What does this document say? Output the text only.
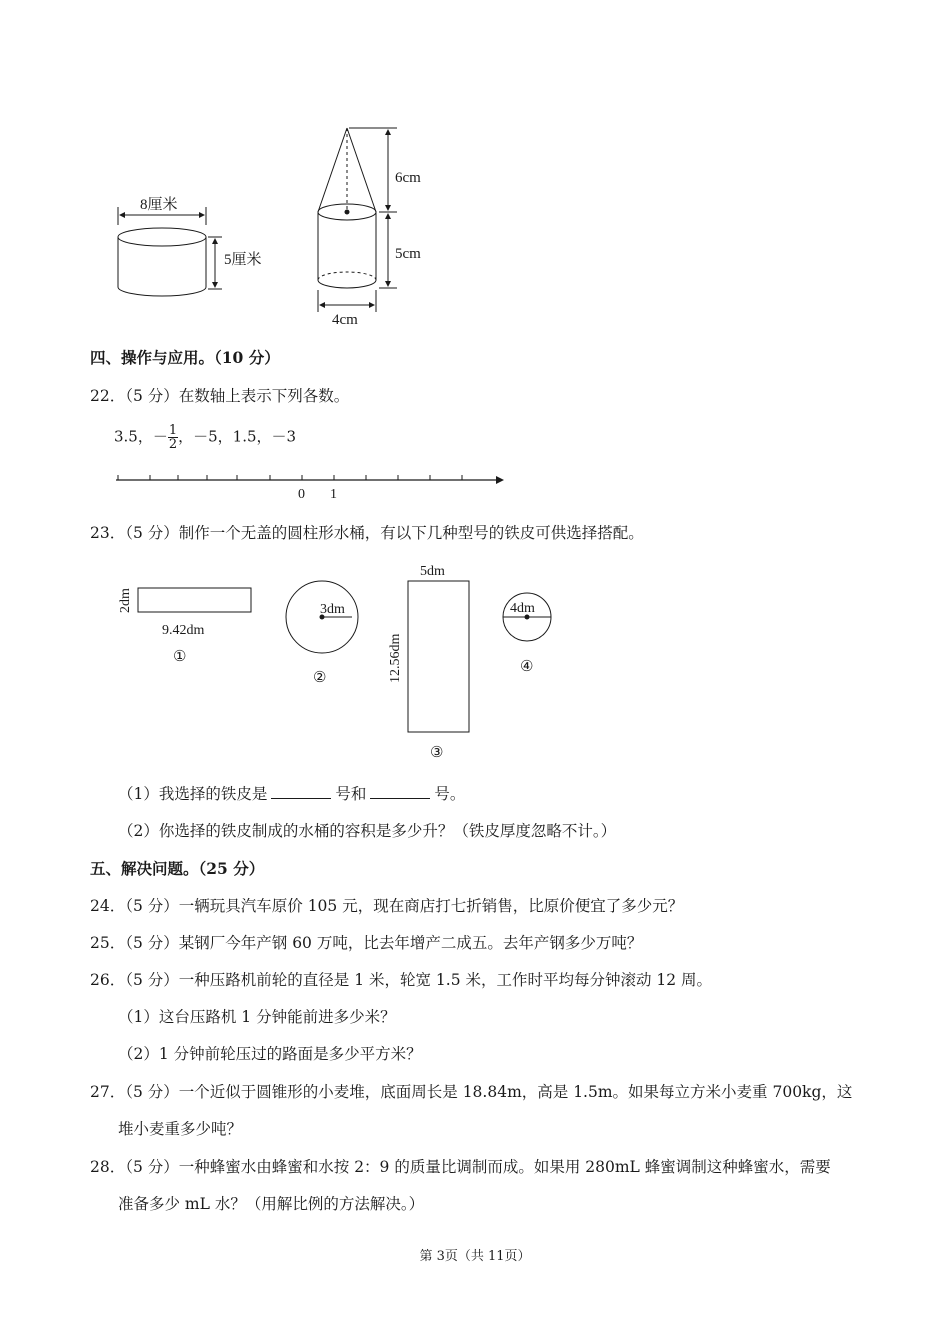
8厘米
5厘米
6cm
5cm
4cm
四、操作与应用。（10 分）
22．（5 分）在数轴上表示下列各数。
3.5，－ $\frac{1}{2}$ ，－5，1.5，－3
0 1
23．（5 分）制作一个无盖的圆柱形水桶，有以下几种型号的铁皮可供选择搭配。
2dm
9.42dm
①
3dm
②
5dm
12.56dm
③
4dm
④
（1）我选择的铁皮是	号和	号。
（2）你选择的铁皮制成的水桶的容积是多少升？（铁皮厚度忽略不计。）
五、解决问题。（25 分）
24．（5 分）一辆玩具汽车原价 105 元，现在商店打七折销售，比原价便宜了多少元？
25．（5 分）某钢厂今年产钢 60 万吨，比去年增产二成五。去年产钢多少万吨？
26．（5 分）一种压路机前轮的直径是 1 米，轮宽 1.5 米，工作时平均每分钟滚动 12 周。
（1）这台压路机 1 分钟能前进多少米？
（2）1 分钟前轮压过的路面是多少平方米？
27．（5 分）一个近似于圆锥形的小麦堆，底面周长是 18.84m，高是 1.5m。如果每立方米小麦重 700kg，这
堆小麦重多少吨？
28．（5 分）一种蜂蜜水由蜂蜜和水按 2：9 的质量比调制而成。如果用 280mL 蜂蜜调制这种蜂蜜水，需要
准备多少 mL 水？（用解比例的方法解决。）
第 3页（共 11页）
